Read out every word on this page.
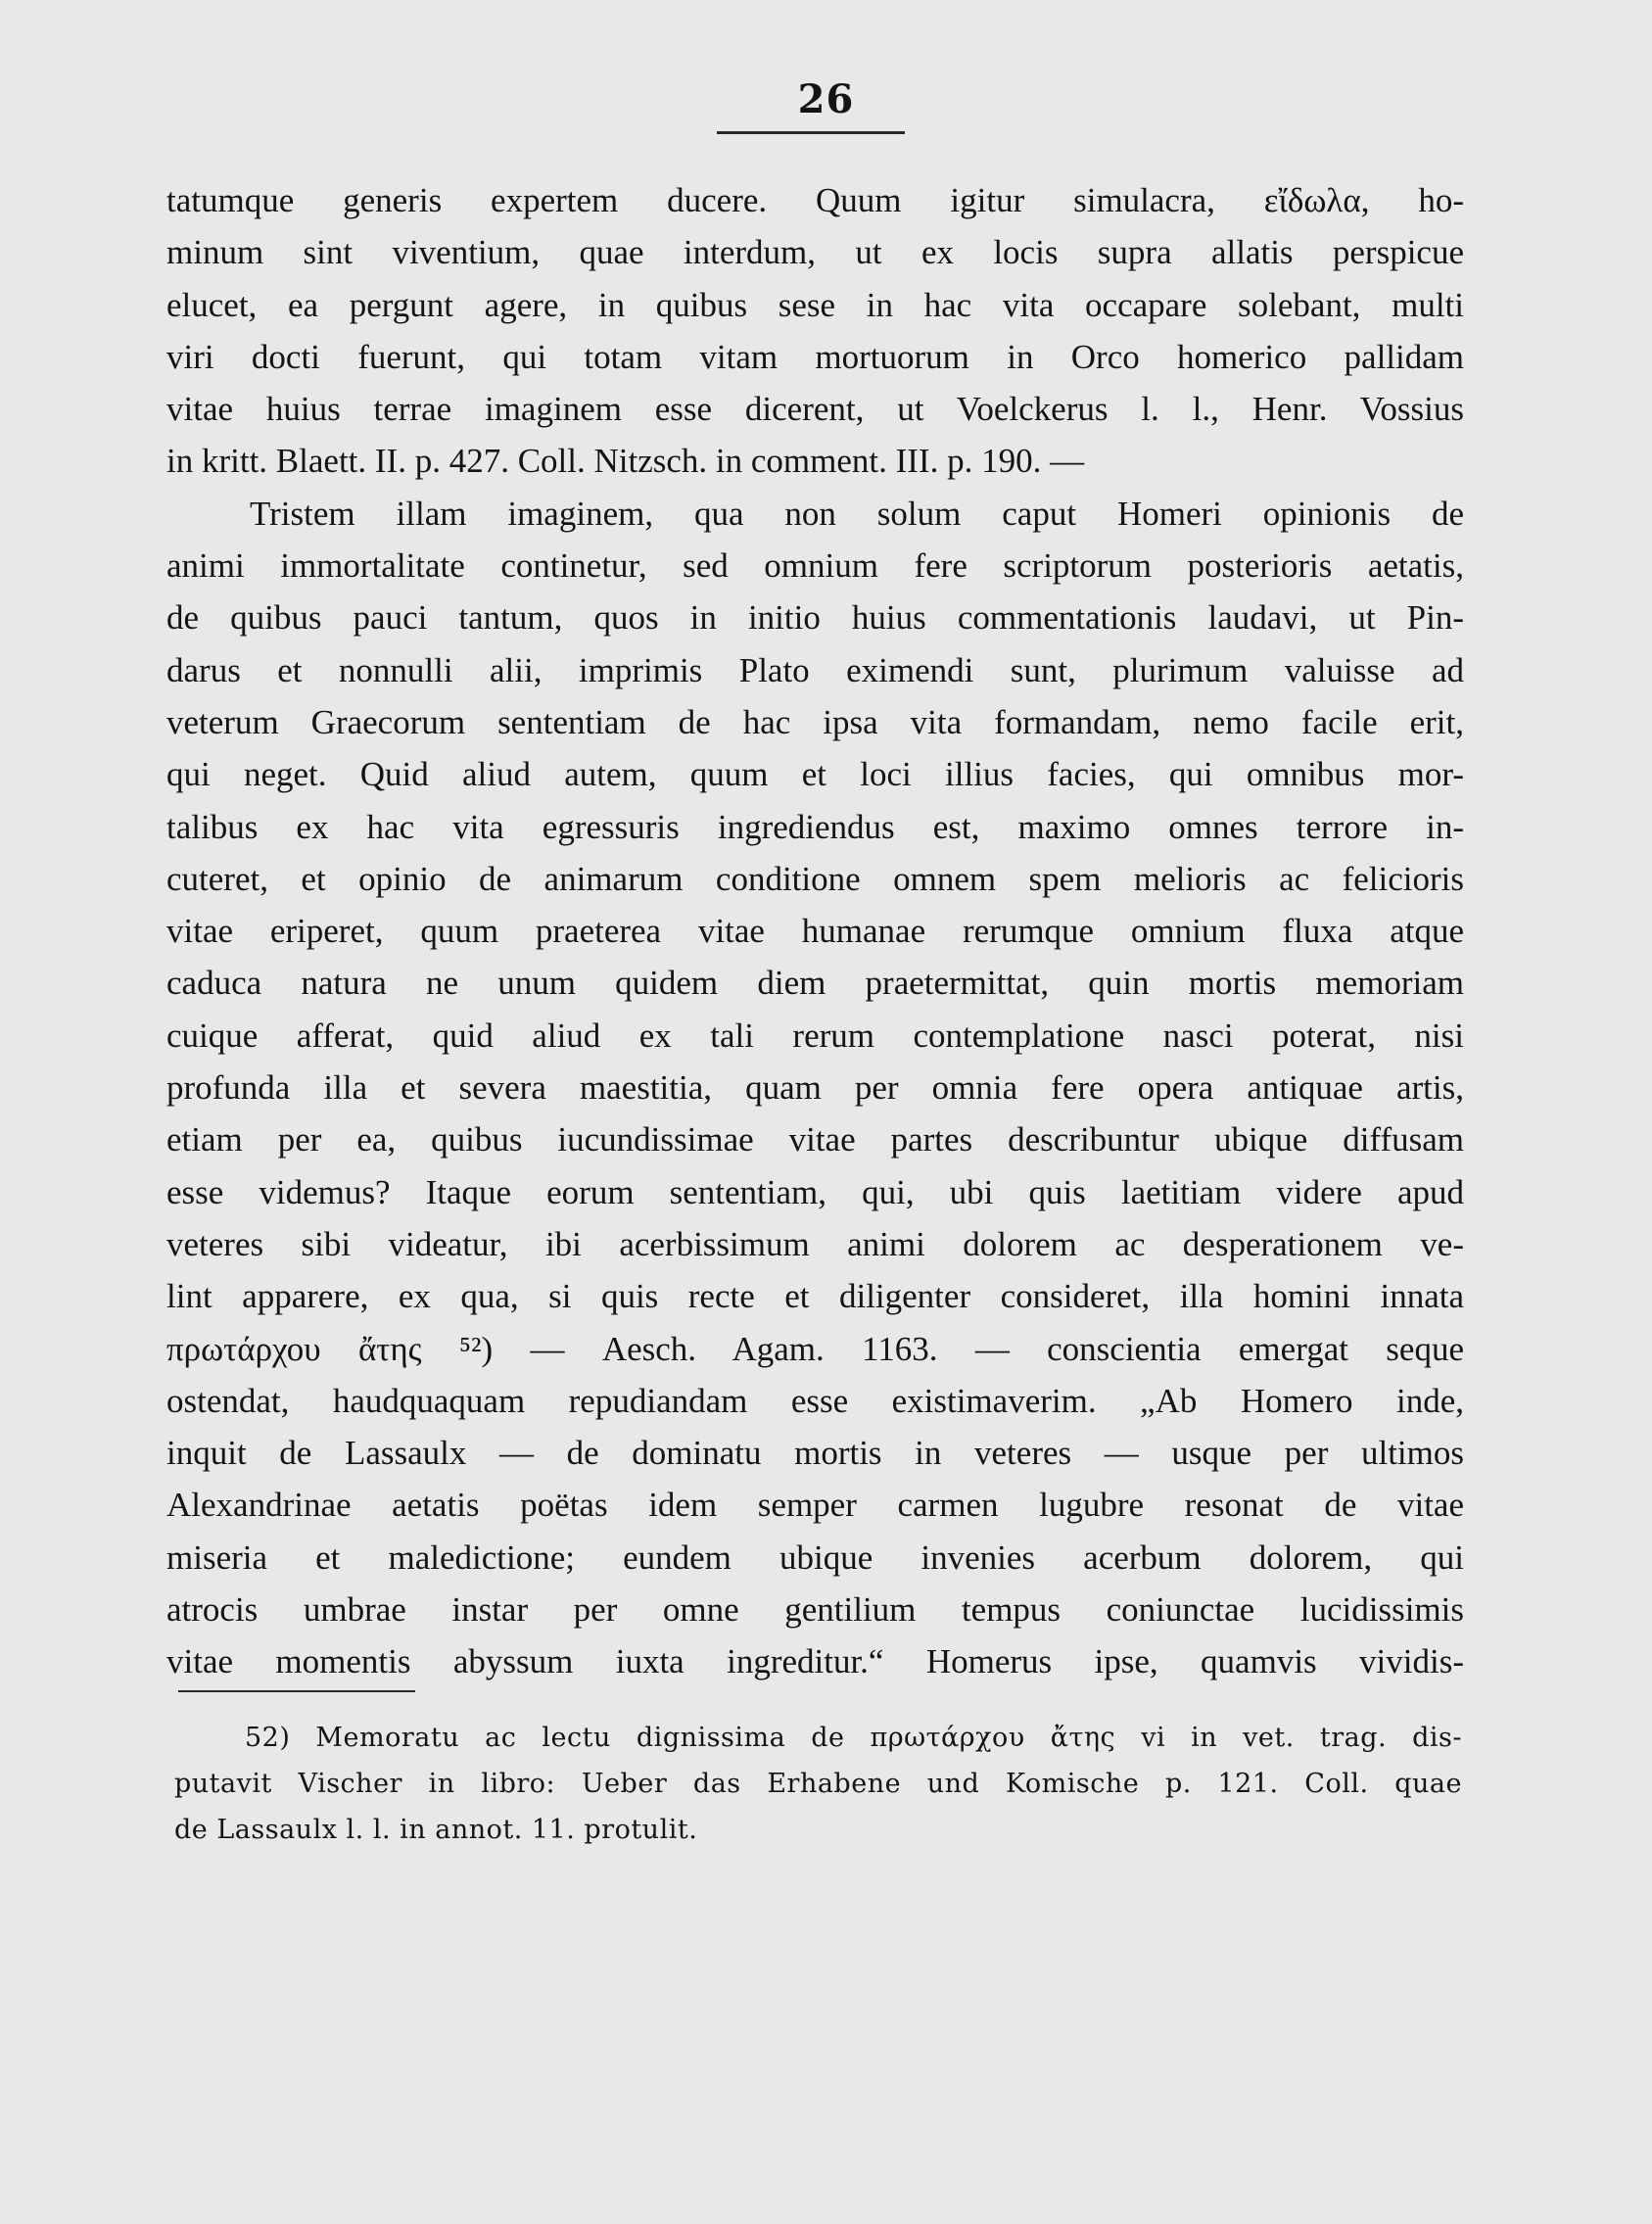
26
tatumque generis expertem ducere. Quum igitur simulacra, εἴδωλα, ho-
minum sint viventium, quae interdum, ut ex locis supra allatis perspicue
elucet, ea pergunt agere, in quibus sese in hac vita occapare solebant, multi
viri docti fuerunt, qui totam vitam mortuorum in Orco homerico pallidam
vitae huius terrae imaginem esse dicerent, ut Voelckerus l. l., Henr. Vossius
in kritt. Blaett. II. p. 427. Coll. Nitzsch. in comment. III. p. 190. —
Tristem illam imaginem, qua non solum caput Homeri opinionis de
animi immortalitate continetur, sed omnium fere scriptorum posterioris aetatis,
de quibus pauci tantum, quos in initio huius commentationis laudavi, ut Pin-
darus et nonnulli alii, imprimis Plato eximendi sunt, plurimum valuisse ad
veterum Graecorum sententiam de hac ipsa vita formandam, nemo facile erit,
qui neget. Quid aliud autem, quum et loci illius facies, qui omnibus mor-
talibus ex hac vita egressuris ingrediendus est, maximo omnes terrore in-
cuteret, et opinio de animarum conditione omnem spem melioris ac felicioris
vitae eriperet, quum praeterea vitae humanae rerumque omnium fluxa atque
caduca natura ne unum quidem diem praetermittat, quin mortis memoriam
cuique afferat, quid aliud ex tali rerum contemplatione nasci poterat, nisi
profunda illa et severa maestitia, quam per omnia fere opera antiquae artis,
etiam per ea, quibus iucundissimae vitae partes describuntur ubique diffusam
esse videmus? Itaque eorum sententiam, qui, ubi quis laetitiam videre apud
veteres sibi videatur, ibi acerbissimum animi dolorem ac desperationem ve-
lint apparere, ex qua, si quis recte et diligenter consideret, illa homini innata
πρωτάρχου ἄτης ⁵²) — Aesch. Agam. 1163. — conscientia emergat seque
ostendat, haudquaquam repudiandam esse existimaverim. „Ab Homero inde,
inquit de Lassaulx — de dominatu mortis in veteres — usque per ultimos
Alexandrinae aetatis poëtas idem semper carmen lugubre resonat de vitae
miseria et maledictione; eundem ubique invenies acerbum dolorem, qui
atrocis umbrae instar per omne gentilium tempus coniunctae lucidissimis
vitae momentis abyssum iuxta ingreditur.“ Homerus ipse, quamvis vividis-
52) Memoratu ac lectu dignissima de πρωτάρχου ἄτης vi in vet. trag. dis-
putavit Vischer in libro: Ueber das Erhabene und Komische p. 121. Coll. quae
de Lassaulx l. l. in annot. 11. protulit.
